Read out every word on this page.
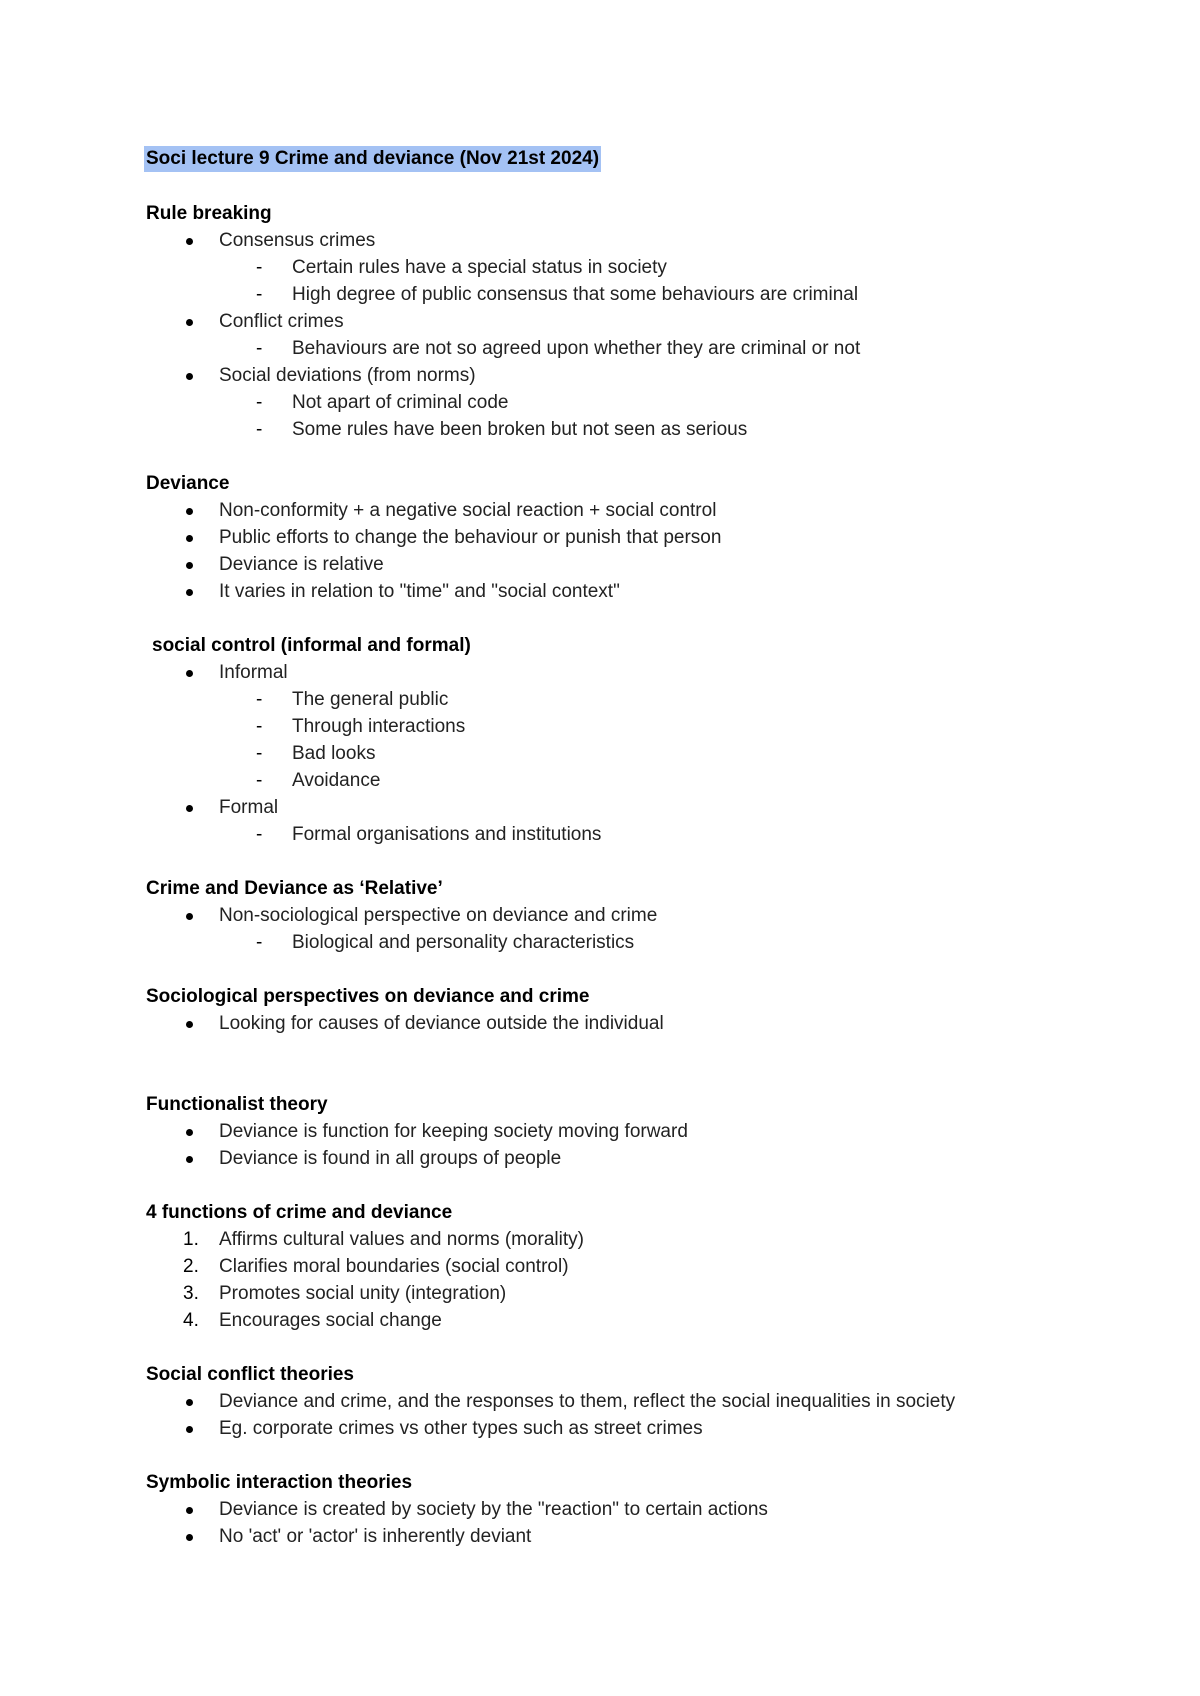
Soci lecture 9 Crime and deviance (Nov 21st 2024)
Rule breaking
Consensus crimes
- Certain rules have a special status in society
- High degree of public consensus that some behaviours are criminal
Conflict crimes
- Behaviours are not so agreed upon whether they are criminal or not
Social deviations (from norms)
- Not apart of criminal code
- Some rules have been broken but not seen as serious
Deviance
Non-conformity + a negative social reaction + social control
Public efforts to change the behaviour or punish that person
Deviance is relative
It varies in relation to "time" and "social context"
social control (informal and formal)
Informal
- The general public
- Through interactions
- Bad looks
- Avoidance
Formal
- Formal organisations and institutions
Crime and Deviance as ‘Relative’
Non-sociological perspective on deviance and crime
- Biological and personality characteristics
Sociological perspectives on deviance and crime
Looking for causes of deviance outside the individual
Functionalist theory
Deviance is function for keeping society moving forward
Deviance is found in all groups of people
4 functions of crime and deviance
1. Affirms cultural values and norms (morality)
2. Clarifies moral boundaries (social control)
3. Promotes social unity (integration)
4. Encourages social change
Social conflict theories
Deviance and crime, and the responses to them, reflect the social inequalities in society
Eg. corporate crimes vs other types such as street crimes
Symbolic interaction theories
Deviance is created by society by the "reaction" to certain actions
No 'act' or 'actor' is inherently deviant
